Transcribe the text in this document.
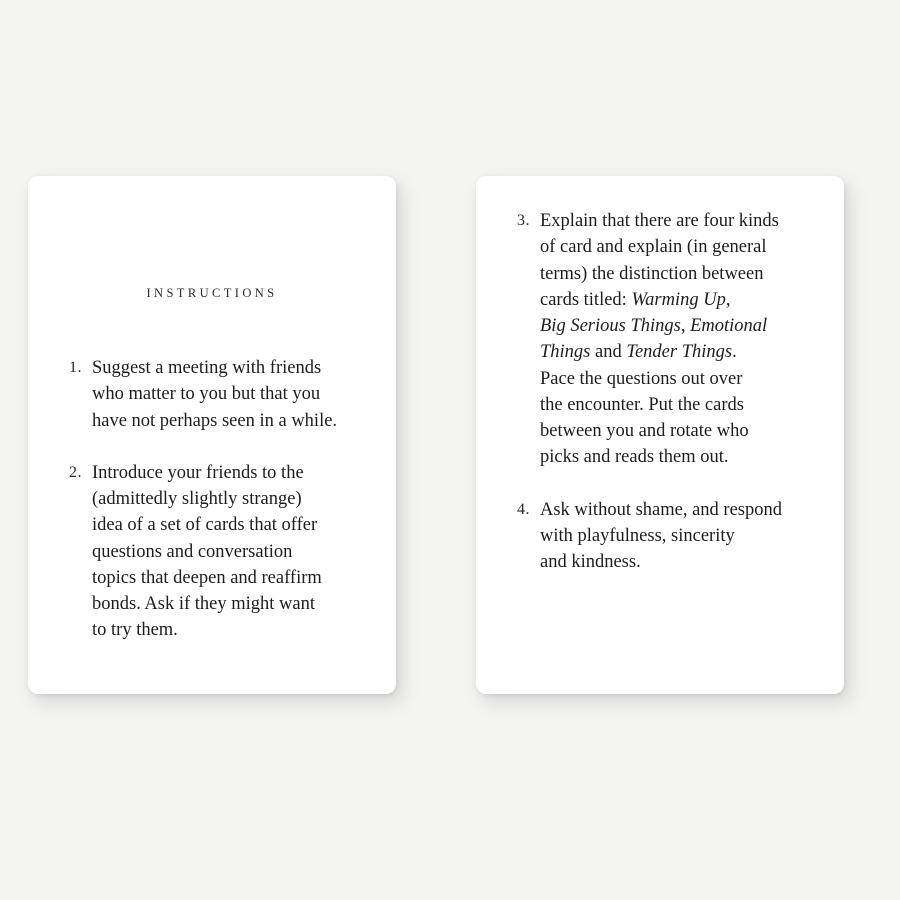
INSTRUCTIONS
1. Suggest a meeting with friends
who matter to you but that you
have not perhaps seen in a while.
2. Introduce your friends to the
(admittedly slightly strange)
idea of a set of cards that offer
questions and conversation
topics that deepen and reaffirm
bonds. Ask if they might want
to try them.
3. Explain that there are four kinds
of card and explain (in general
terms) the distinction between
cards titled: Warming Up,
Big Serious Things, Emotional
Things and Tender Things.
Pace the questions out over
the encounter. Put the cards
between you and rotate who
picks and reads them out.
4. Ask without shame, and respond
with playfulness, sincerity
and kindness.
